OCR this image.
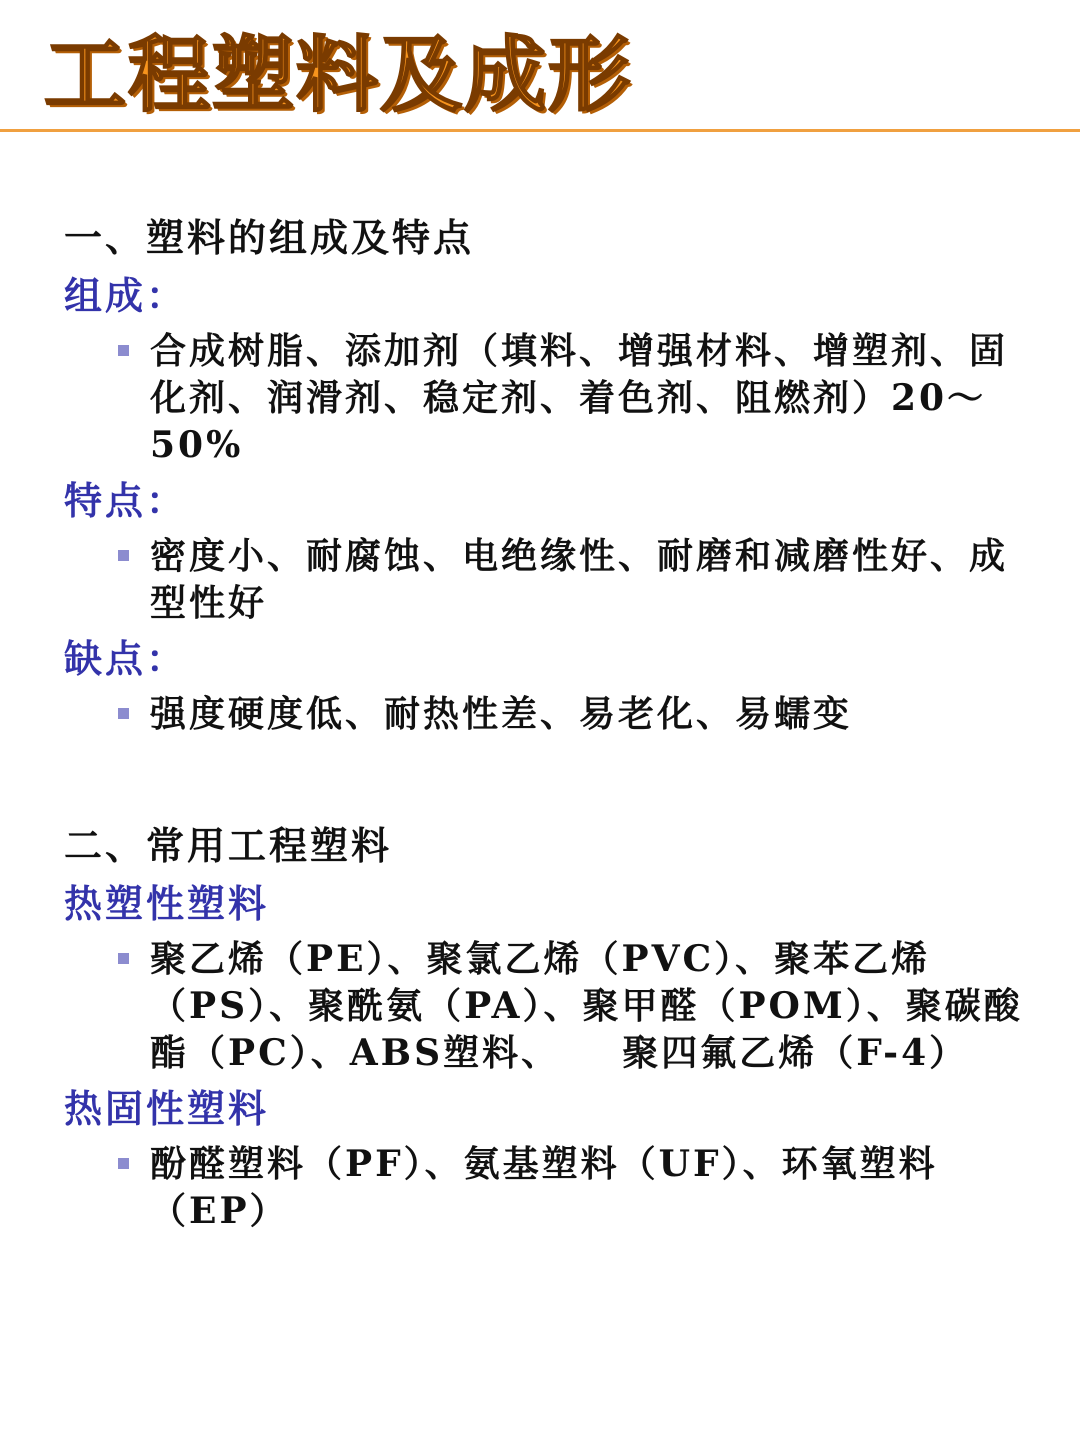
工程塑料及成形
一、塑料的组成及特点
组成：
合成树脂、添加剂（填料、增强材料、增塑剂、固化剂、润滑剂、稳定剂、着色剂、阻燃剂）20～50%
特点：
密度小、耐腐蚀、电绝缘性、耐磨和减磨性好、成型性好
缺点：
强度硬度低、耐热性差、易老化、易蠕变
二、常用工程塑料
热塑性塑料
聚乙烯（PE）、聚氯乙烯（PVC）、聚苯乙烯（PS）、聚酰氨（PA）、聚甲醛（POM）、聚碳酸酯（PC）、ABS塑料、    聚四氟乙烯（F-4）
热固性塑料
酚醛塑料（PF）、氨基塑料（UF）、环氧塑料（EP）
